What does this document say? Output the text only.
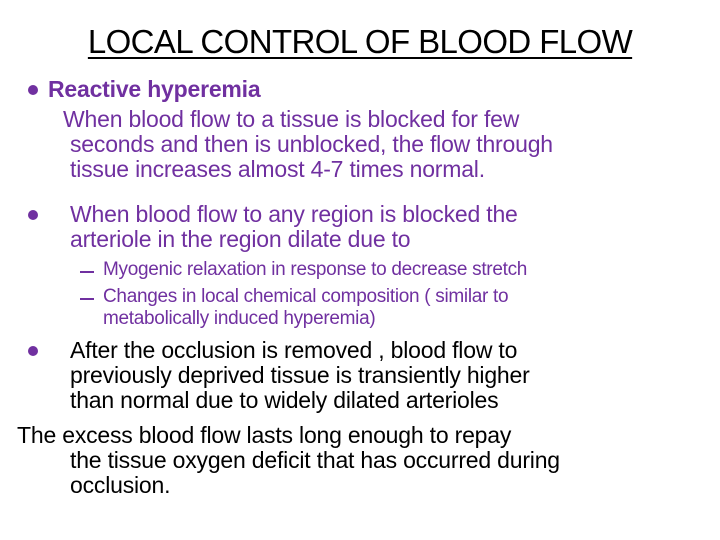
LOCAL CONTROL OF BLOOD FLOW
Reactive hyperemia
When blood flow to a tissue is blocked for few
seconds and then is unblocked, the flow through
tissue increases almost 4-7 times normal.
When blood flow to any region is blocked the
arteriole in the region dilate due to
Myogenic relaxation in response to decrease stretch
Changes in local chemical composition ( similar to
metabolically induced hyperemia)
After the occlusion is removed , blood flow to
previously deprived tissue is transiently higher
than normal due to widely dilated arterioles
The excess blood flow lasts long enough to repay
the tissue oxygen deficit that has occurred during
occlusion.
